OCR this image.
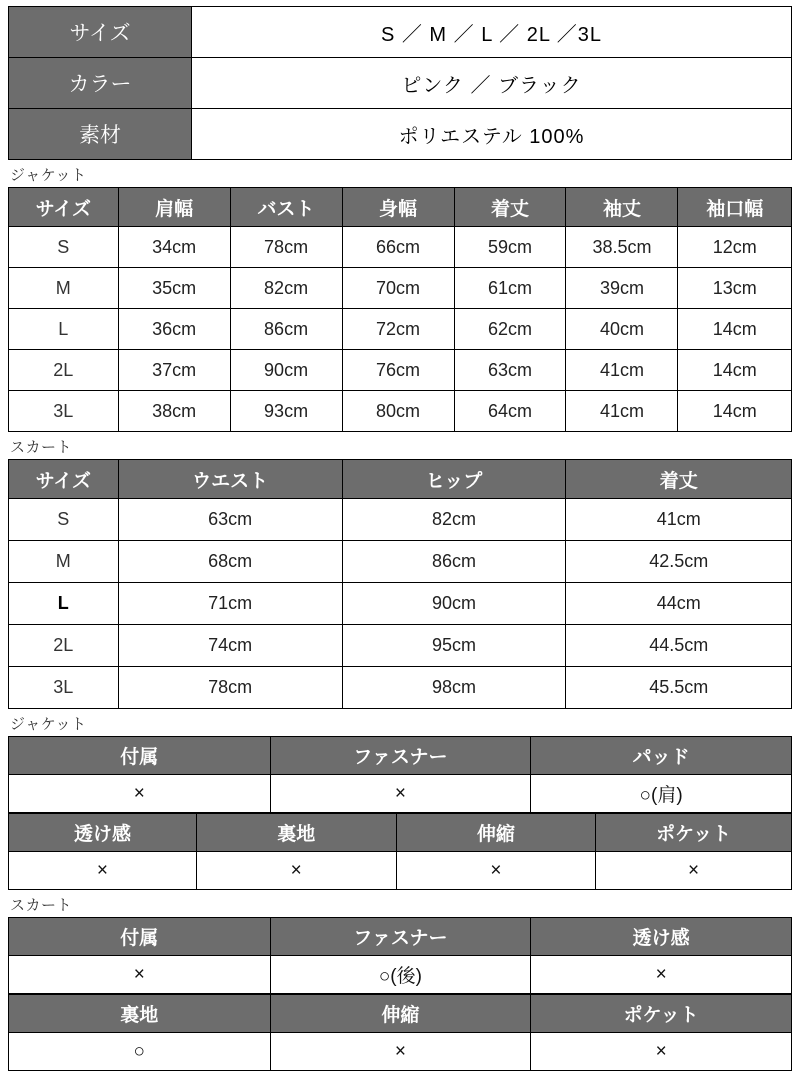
サイズ	S ／ M ／ L ／ 2L ／3L
カラー	ピンク ／ ブラック
素材	ポリエステル 100%
ジャケット
サイズ	肩幅	バスト	身幅	着丈	袖丈	袖口幅
S	34cm	78cm	66cm	59cm	38.5cm	12cm
M	35cm	82cm	70cm	61cm	39cm	13cm
L	36cm	86cm	72cm	62cm	40cm	14cm
2L	37cm	90cm	76cm	63cm	41cm	14cm
3L	38cm	93cm	80cm	64cm	41cm	14cm
スカート
サイズ	ウエスト	ヒップ	着丈
S	63cm	82cm	41cm
M	68cm	86cm	42.5cm
L	71cm	90cm	44cm
2L	74cm	95cm	44.5cm
3L	78cm	98cm	45.5cm
ジャケット
付属	ファスナー	パッド
×	×	○(肩)
透け感	裏地	伸縮	ポケット
×	×	×	×
スカート
付属	ファスナー	透け感
×	○(後)	×
裏地	伸縮	ポケット
○	×	×
